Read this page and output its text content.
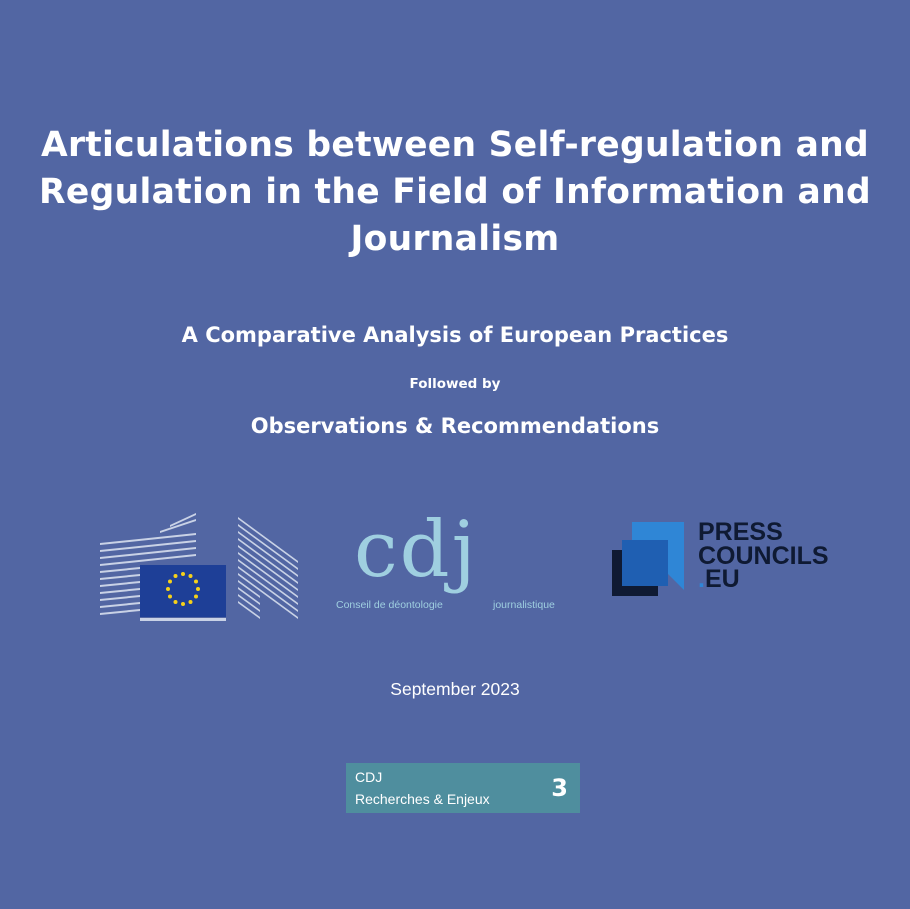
Articulations between Self-regulation and
Regulation in the Field of Information and
Journalism
A Comparative Analysis of European Practices
Followed by
Observations & Recommendations
cdj
Conseil de déontologie	journalistique
PRESS
COUNCILS
.EU
September 2023
CDJ
Recherches & Enjeux	3
